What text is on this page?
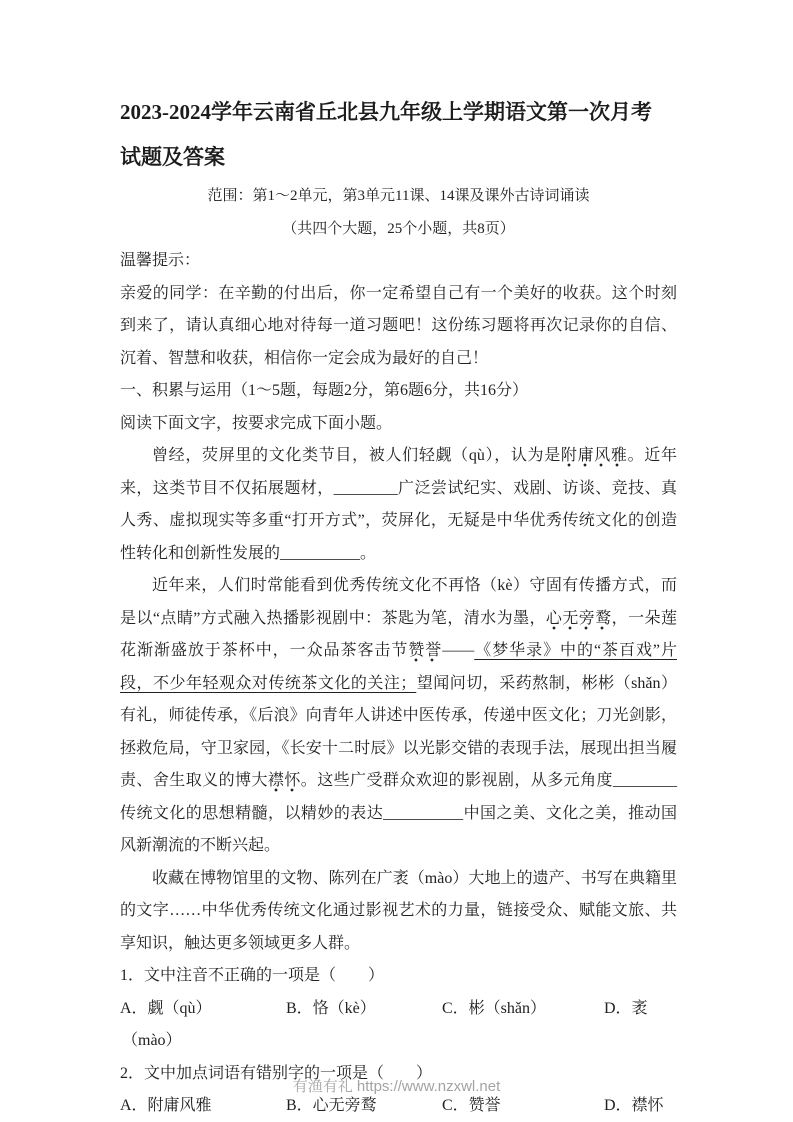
2023-2024学年云南省丘北县九年级上学期语文第一次月考
试题及答案

范围：第1～2单元，第3单元11课、14课及课外古诗词诵读

（共四个大题，25个小题，共8页）

温馨提示：

亲爱的同学：在辛勤的付出后，你一定希望自己有一个美好的收获。这个时刻到来了，请认真细心地对待每一道习题吧！这份练习题将再次记录你的自信、沉着、智慧和收获，相信你一定会成为最好的自己！

一、积累与运用（1～5题，每题2分，第6题6分，共16分）

阅读下面文字，按要求完成下面小题。

曾经，荧屏里的文化类节目，被人们轻觑（qù），认为是附庸风雅。近年来，这类节目不仅拓展题材，________广泛尝试纪实、戏剧、访谈、竞技、真人秀、虚拟现实等多重“打开方式”，荧屏化，无疑是中华优秀传统文化的创造性转化和创新性发展的__________。

近年来，人们时常能看到优秀传统文化不再恪（kè）守固有传播方式，而是以“点睛”方式融入热播影视剧中：茶匙为笔，清水为墨，心无旁鹜，一朵莲花渐渐盛放于茶杯中，一众品茶客击节赞誉——《梦华录》中的“茶百戏”片段，不少年轻观众对传统茶文化的关注；望闻问切，采药熬制，彬彬（shǎn）有礼，师徒传承，《后浪》向青年人讲述中医传承，传递中医文化；刀光剑影，拯救危局，守卫家园，《长安十二时辰》以光影交错的表现手法，展现出担当履责、舍生取义的博大襟怀。这些广受群众欢迎的影视剧，从多元角度________传统文化的思想精髓，以精妙的表达__________中国之美、文化之美，推动国风新潮流的不断兴起。

收藏在博物馆里的文物、陈列在广袤（mào）大地上的遗产、书写在典籍里的文字……中华优秀传统文化通过影视艺术的力量，链接受众、赋能文旅、共享知识，触达更多领域更多人群。

1．文中注音不正确的一项是（　　）

A．觑（qù）	B．恪（kè）	C．彬（shǎn）	D．袤

（mào）

2．文中加点词语有错别字的一项是（　　）

A．附庸风雅	B．心无旁鹜	C．赞誉	D．襟怀
有渔有礼 https://www.nzxwl.net
